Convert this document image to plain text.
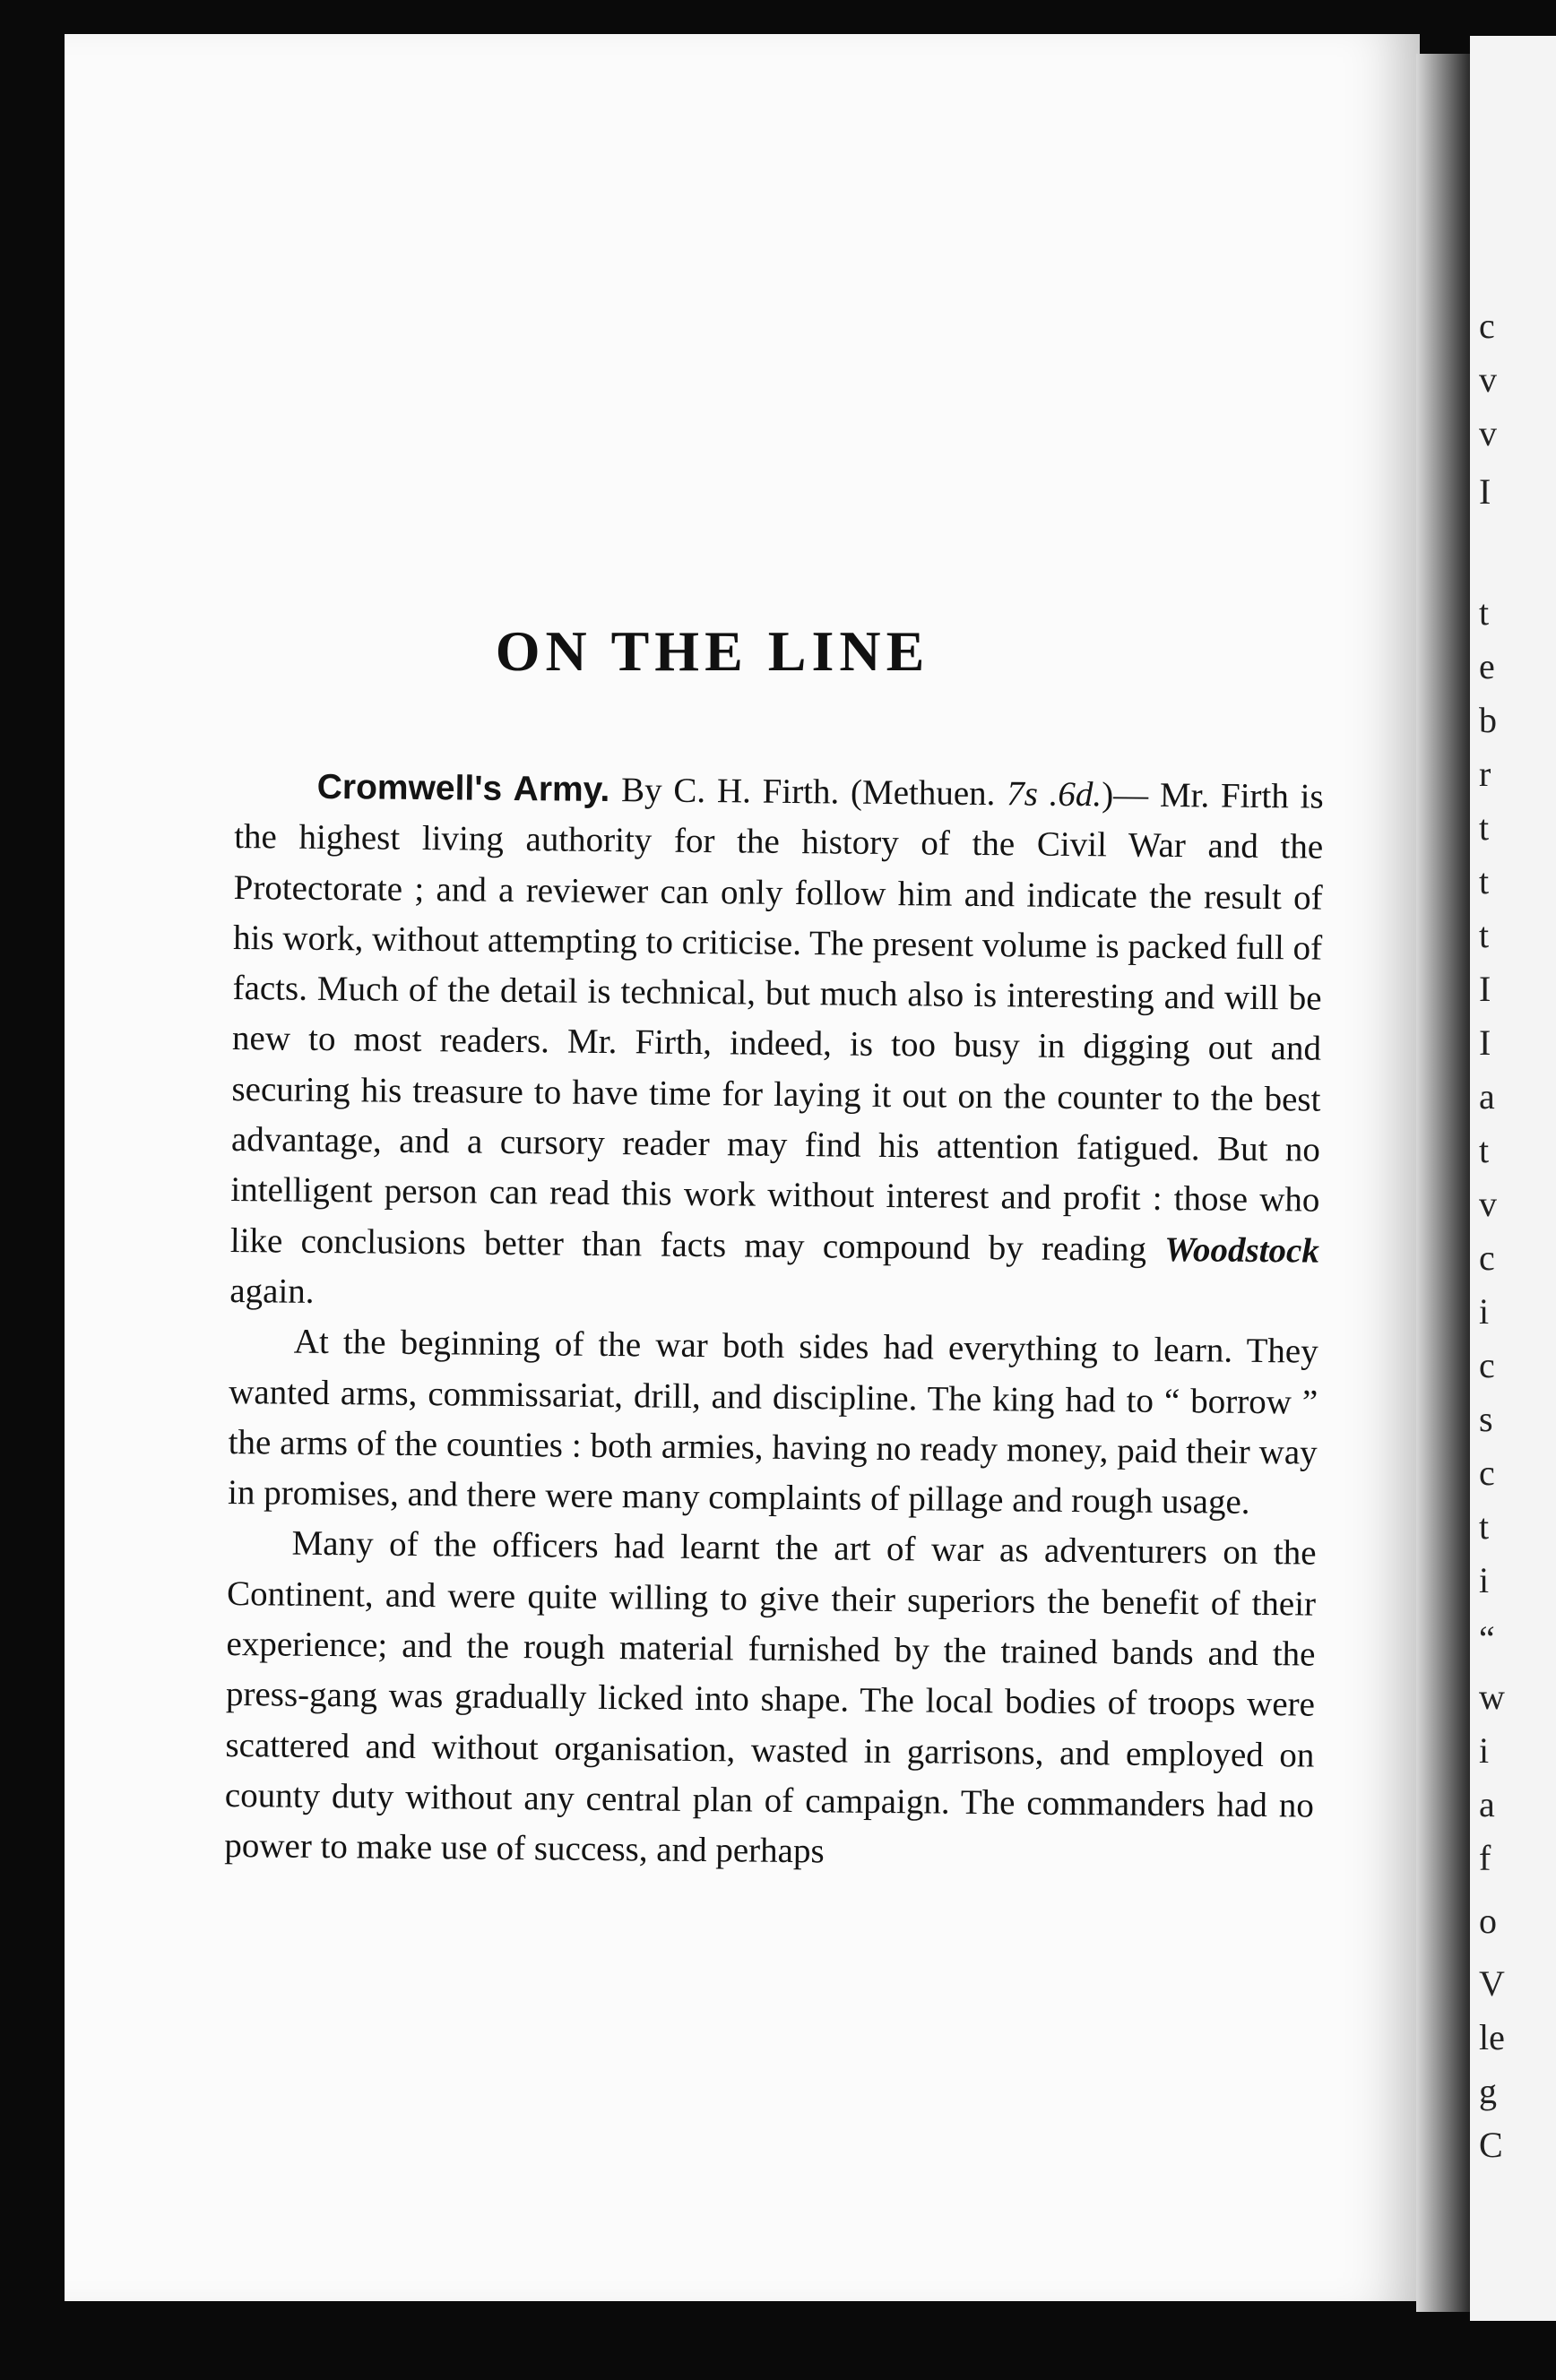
c
v
v
I
t
e
b
r
t
t
t
I
I
a
t
v
c
i
c
s
c
t
i
“
w
i
a
f
o
V
le
g
C
ON THE LINE

Cromwell's Army. By C. H. Firth. (Methuen. 7s .6d.)— Mr. Firth is the highest living authority for the history of the Civil War and the Protectorate ; and a reviewer can only follow him and indicate the result of his work, without attempting to criticise. The present volume is packed full of facts. Much of the detail is technical, but much also is interesting and will be new to most readers. Mr. Firth, indeed, is too busy in digging out and securing his treasure to have time for laying it out on the counter to the best advantage, and a cursory reader may find his attention fatigued. But no intelligent person can read this work without interest and profit : those who like conclusions better than facts may compound by reading Woodstock again.

At the beginning of the war both sides had everything to learn. They wanted arms, commissariat, drill, and discipline. The king had to “ borrow ” the arms of the counties : both armies, having no ready money, paid their way in promises, and there were many complaints of pillage and rough usage.

Many of the officers had learnt the art of war as adventurers on the Continent, and were quite willing to give their superiors the benefit of their experience; and the rough material furnished by the trained bands and the press-gang was gradually licked into shape. The local bodies of troops were scattered and without organisation, wasted in garrisons, and employed on county duty without any central plan of campaign. The commanders had no power to make use of success, and perhaps
